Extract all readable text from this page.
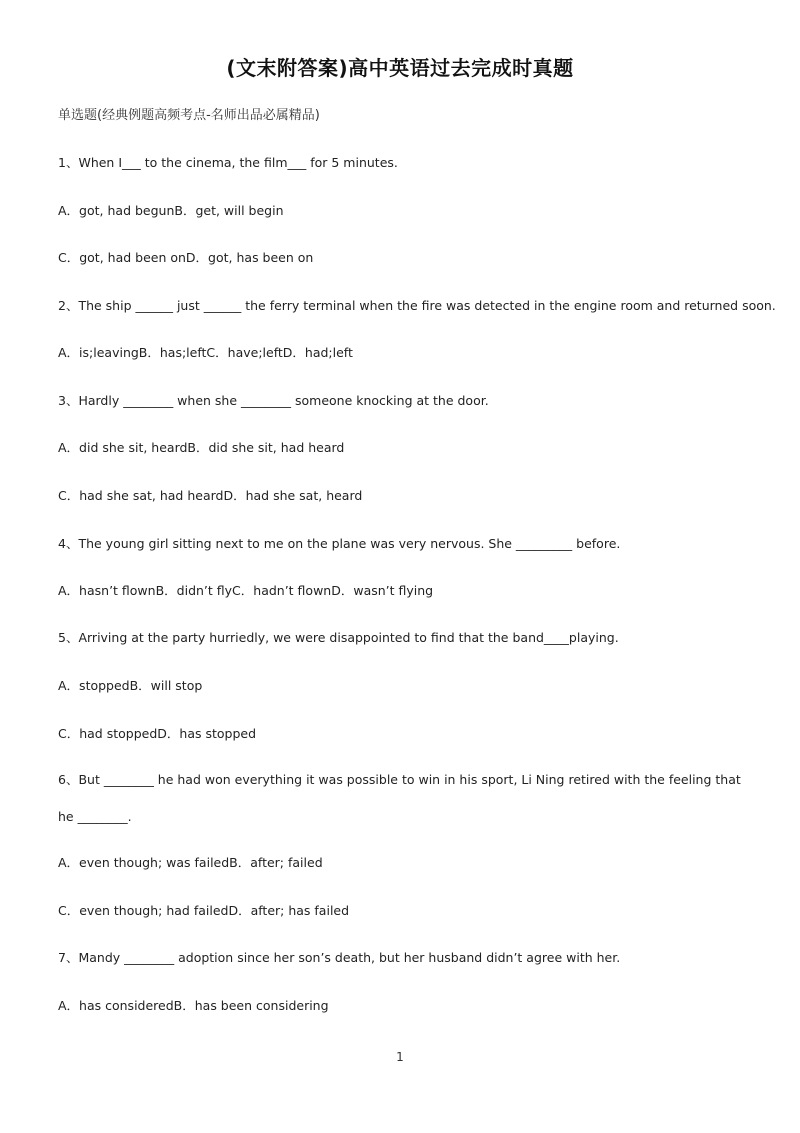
(文末附答案)高中英语过去完成时真题
单选题(经典例题高频考点-名师出品必属精品)
1、When I___ to the cinema, the film___ for 5 minutes.
A．got, had begunB．get, will begin
C．got, had been onD．got, has been on
2、The ship ______ just ______ the ferry terminal when the fire was detected in the engine room and returned soon.
A．is;leavingB．has;leftC．have;leftD．had;left
3、Hardly ________ when she ________ someone knocking at the door.
A．did she sit, heardB．did she sit, had heard
C．had she sat, had heardD．had she sat, heard
4、The young girl sitting next to me on the plane was very nervous. She _________ before.
A．hasn’t flownB．didn’t flyC．hadn’t flownD．wasn’t flying
5、Arriving at the party hurriedly, we were disappointed to find that the band____playing.
A．stoppedB．will stop
C．had stoppedD．has stopped
6、But ________ he had won everything it was possible to win in his sport, Li Ning retired with the feeling that he ________.
A．even though; was failedB．after; failed
C．even though; had failedD．after; has failed
7、Mandy ________ adoption since her son’s death, but her husband didn’t agree with her.
A．has consideredB．has been considering
1
